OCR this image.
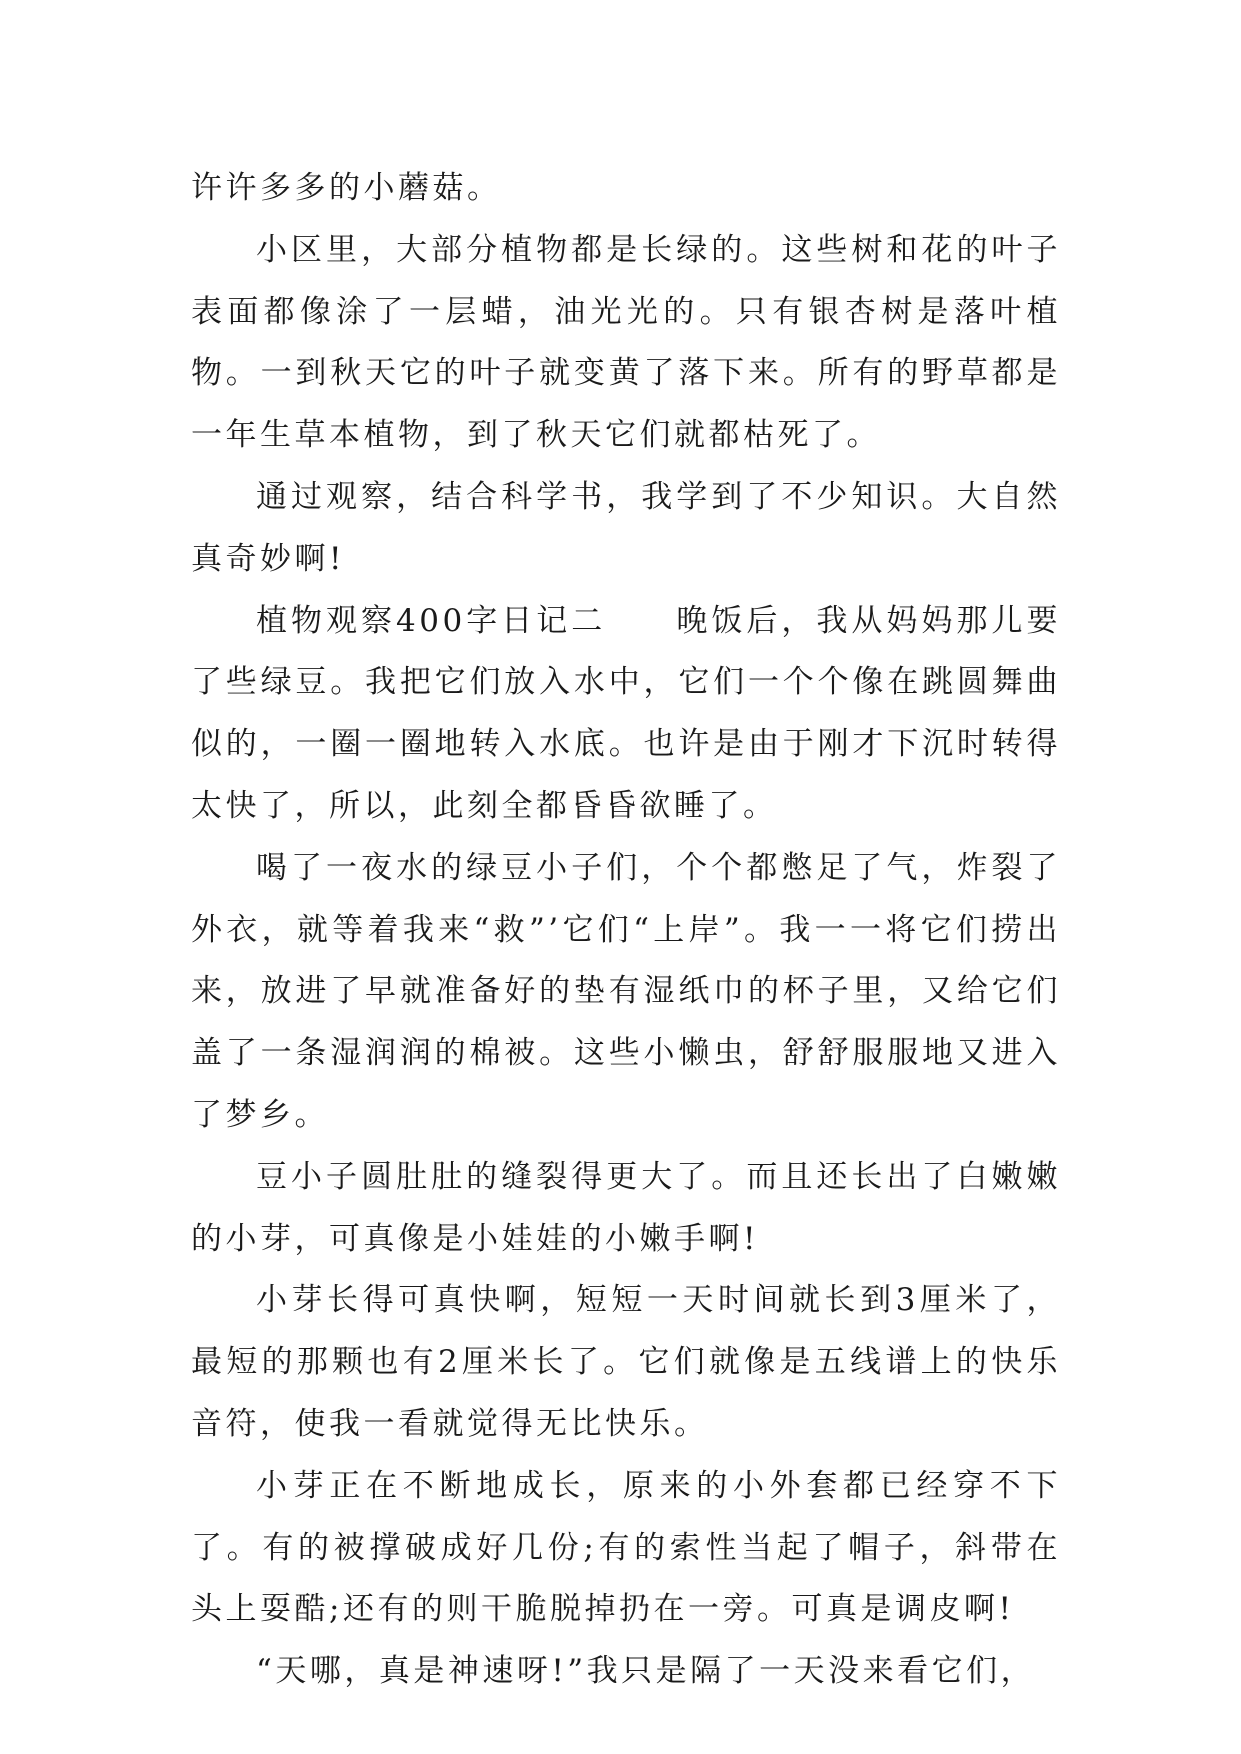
许许多多的小蘑菇。

小区里，大部分植物都是长绿的。这些树和花的叶子表面都像涂了一层蜡，油光光的。只有银杏树是落叶植物。一到秋天它的叶子就变黄了落下来。所有的野草都是一年生草本植物，到了秋天它们就都枯死了。

通过观察，结合科学书，我学到了不少知识。大自然真奇妙啊!

植物观察400字日记二　　晚饭后，我从妈妈那儿要了些绿豆。我把它们放入水中，它们一个个像在跳圆舞曲似的，一圈一圈地转入水底。也许是由于刚才下沉时转得太快了，所以，此刻全都昏昏欲睡了。

喝了一夜水的绿豆小子们，个个都憋足了气，炸裂了外衣，就等着我来“救”’它们“上岸”。我一一将它们捞出来，放进了早就准备好的垫有湿纸巾的杯子里，又给它们盖了一条湿润润的棉被。这些小懒虫，舒舒服服地又进入了梦乡。

豆小子圆肚肚的缝裂得更大了。而且还长出了白嫩嫩的小芽，可真像是小娃娃的小嫩手啊!

小芽长得可真快啊，短短一天时间就长到3厘米了，最短的那颗也有2厘米长了。它们就像是五线谱上的快乐音符，使我一看就觉得无比快乐。

小芽正在不断地成长，原来的小外套都已经穿不下了。有的被撑破成好几份;有的索性当起了帽子，斜带在头上耍酷;还有的则干脆脱掉扔在一旁。可真是调皮啊!

“天哪，真是神速呀!”我只是隔了一天没来看它们，
